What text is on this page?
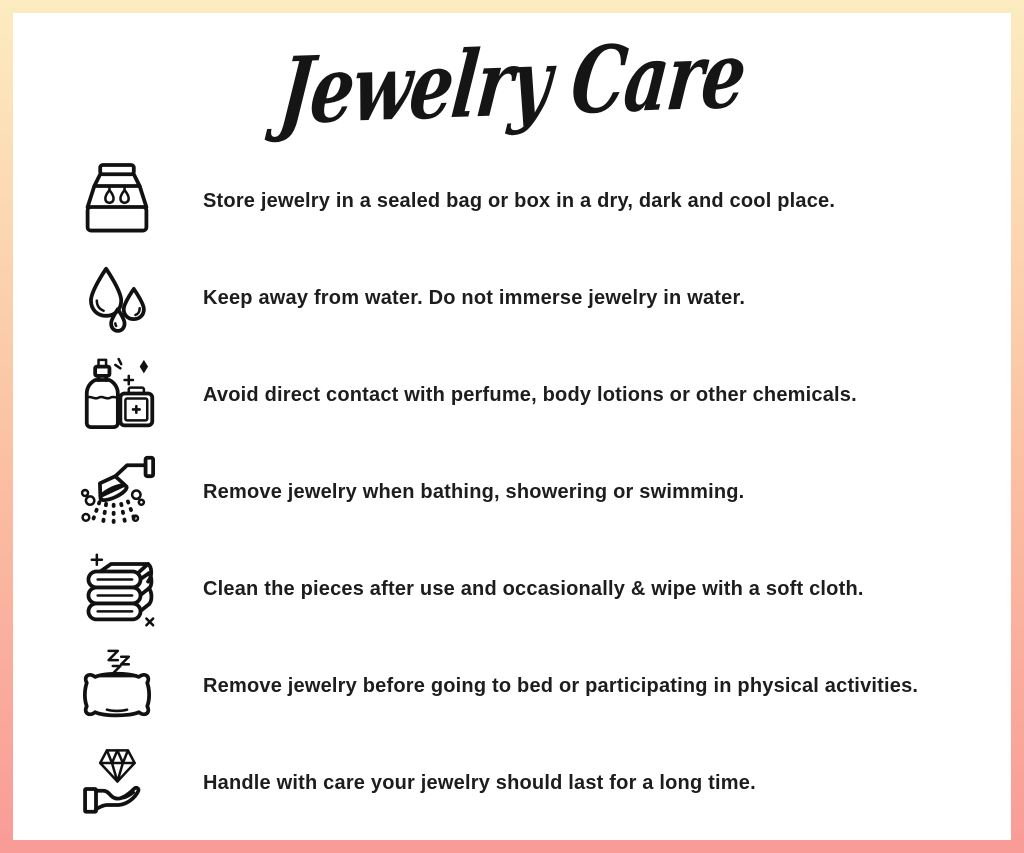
Jewelry Care

Store jewelry in a sealed bag or box in a dry, dark and cool place.

Keep away from water. Do not immerse jewelry in water.

Avoid direct contact with perfume, body lotions or other chemicals.

Remove jewelry when bathing, showering or swimming.

Clean the pieces after use and occasionally & wipe with a soft cloth.

Remove jewelry before going to bed or participating in physical activities.

Handle with care your jewelry should last for a long time.
